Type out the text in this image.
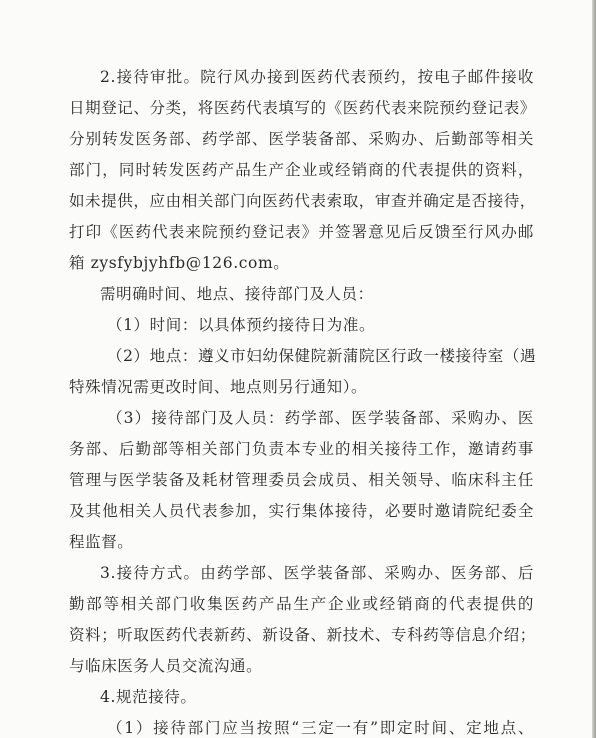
2.接待审批。院行风办接到医药代表预约，按电子邮件接收
日期登记、分类，将医药代表填写的《医药代表来院预约登记表》
分别转发医务部、药学部、医学装备部、采购办、后勤部等相关
部门，同时转发医药产品生产企业或经销商的代表提供的资料，
如未提供，应由相关部门向医药代表索取，审查并确定是否接待，
打印《医药代表来院预约登记表》并签署意见后反馈至行风办邮
箱 zysfybjyhfb@126.com。
需明确时间、地点、接待部门及人员：
（1）时间：以具体预约接待日为准。
（2）地点：遵义市妇幼保健院新蒲院区行政一楼接待室（遇
特殊情况需更改时间、地点则另行通知）。
（3）接待部门及人员：药学部、医学装备部、采购办、医
务部、后勤部等相关部门负责本专业的相关接待工作，邀请药事
管理与医学装备及耗材管理委员会成员、相关领导、临床科主任
及其他相关人员代表参加，实行集体接待，必要时邀请院纪委全
程监督。
3.接待方式。由药学部、医学装备部、采购办、医务部、后
勤部等相关部门收集医药产品生产企业或经销商的代表提供的
资料；听取医药代表新药、新设备、新技术、专科药等信息介绍；
与临床医务人员交流沟通。
4.规范接待。
（1）接待部门应当按照“三定一有”即定时间、定地点、
